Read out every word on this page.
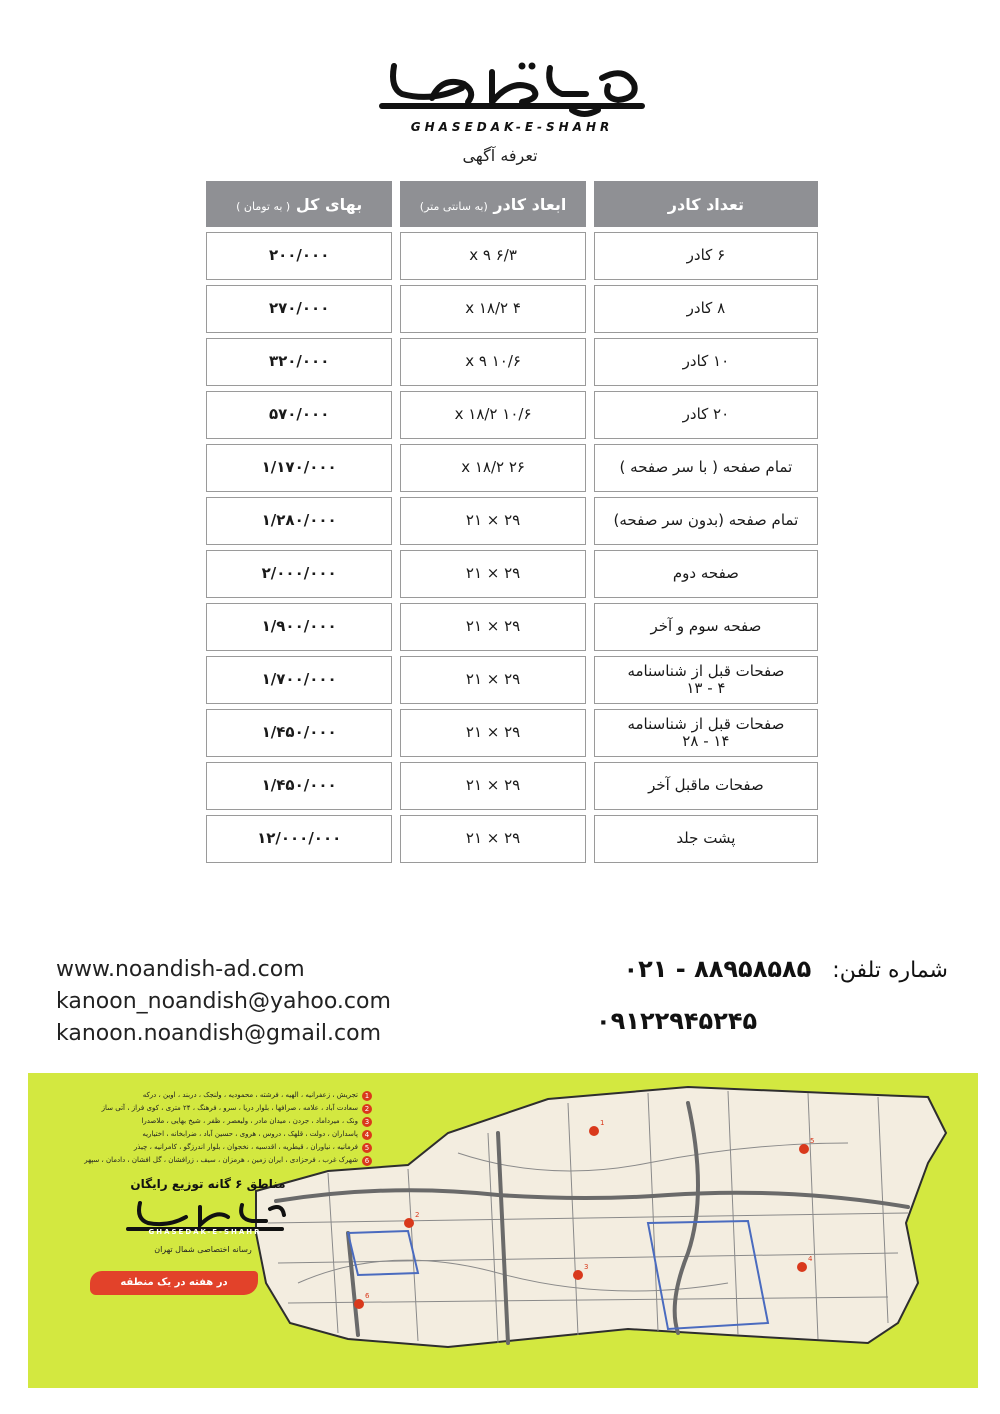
GHASEDAK-E-SHAHR
تعرفه آگهی
تعداد کادر	ابعاد کادر (به سانتی متر)	بهای کل ( به تومان )

۶ کادر	۶/۳ x ۹	۲۰۰/۰۰۰

۸ کادر	۴ x ۱۸/۲	۲۷۰/۰۰۰

۱۰ کادر	۱۰/۶ x ۹	۳۲۰/۰۰۰

۲۰ کادر	۱۰/۶ x ۱۸/۲	۵۷۰/۰۰۰

تمام صفحه ( با سر صفحه )	۲۶ x ۱۸/۲	۱/۱۷۰/۰۰۰

تمام صفحه (بدون سر صفحه)	۲۹ × ۲۱	۱/۲۸۰/۰۰۰

صفحه دوم	۲۹ × ۲۱	۲/۰۰۰/۰۰۰

صفحه سوم و آخر	۲۹ × ۲۱	۱/۹۰۰/۰۰۰

صفحات قبل از شناسنامه
۴ - ۱۳	۲۹ × ۲۱	۱/۷۰۰/۰۰۰

صفحات قبل از شناسنامه
۱۴ - ۲۸	۲۹ × ۲۱	۱/۴۵۰/۰۰۰

صفحات ماقبل آخر	۲۹ × ۲۱	۱/۴۵۰/۰۰۰

پشت جلد	۲۹ × ۲۱	۱۲/۰۰۰/۰۰۰
www.noandish-ad.com
kanoon_noandish@yahoo.com
kanoon.noandish@gmail.com
شماره تلفن: ۰۲۱ - ۸۸۹۵۸۵۸۵
۰۹۱۲۲۹۴۵۲۴۵
1
2
3
4
5
6
1
تجریش ، زعفرانیه ، الهیه ، فرشته ، محمودیه ، ولنجک ، دربند ، اوین ، درکه
2
سعادت آباد ، علامه ، صرافها ، بلوار دریا ، سرو ، فرهنگ ، ۲۴ متری ، کوی فراز ، آتی ساز
3
ونک ، میرداماد ، جردن ، میدان مادر ، ولیعصر ، ظفر ، شیخ بهایی ، ملاصدرا
4
پاسداران ، دولت ، قلهک ، دروس ، هروی ، حسین آباد ، ضرابخانه ، اختیاریه
5
فرمانیه ، نیاوران ، قیطریه ، اقدسیه ، نخجوان ، بلوار اندرزگو ، کامرانیه ، چیذر
6
شهرک غرب ، فرحزادی ، ایران زمین ، هرمزان ، سیف ، زرافشان ، گل افشان ، دادمان ، سپهر
مناطق ۶ گانه توزیع رایگان
GHASEDAK-E-SHAHR
رسانه اختصاصی شمال تهران
در هفته در یک منطقه
